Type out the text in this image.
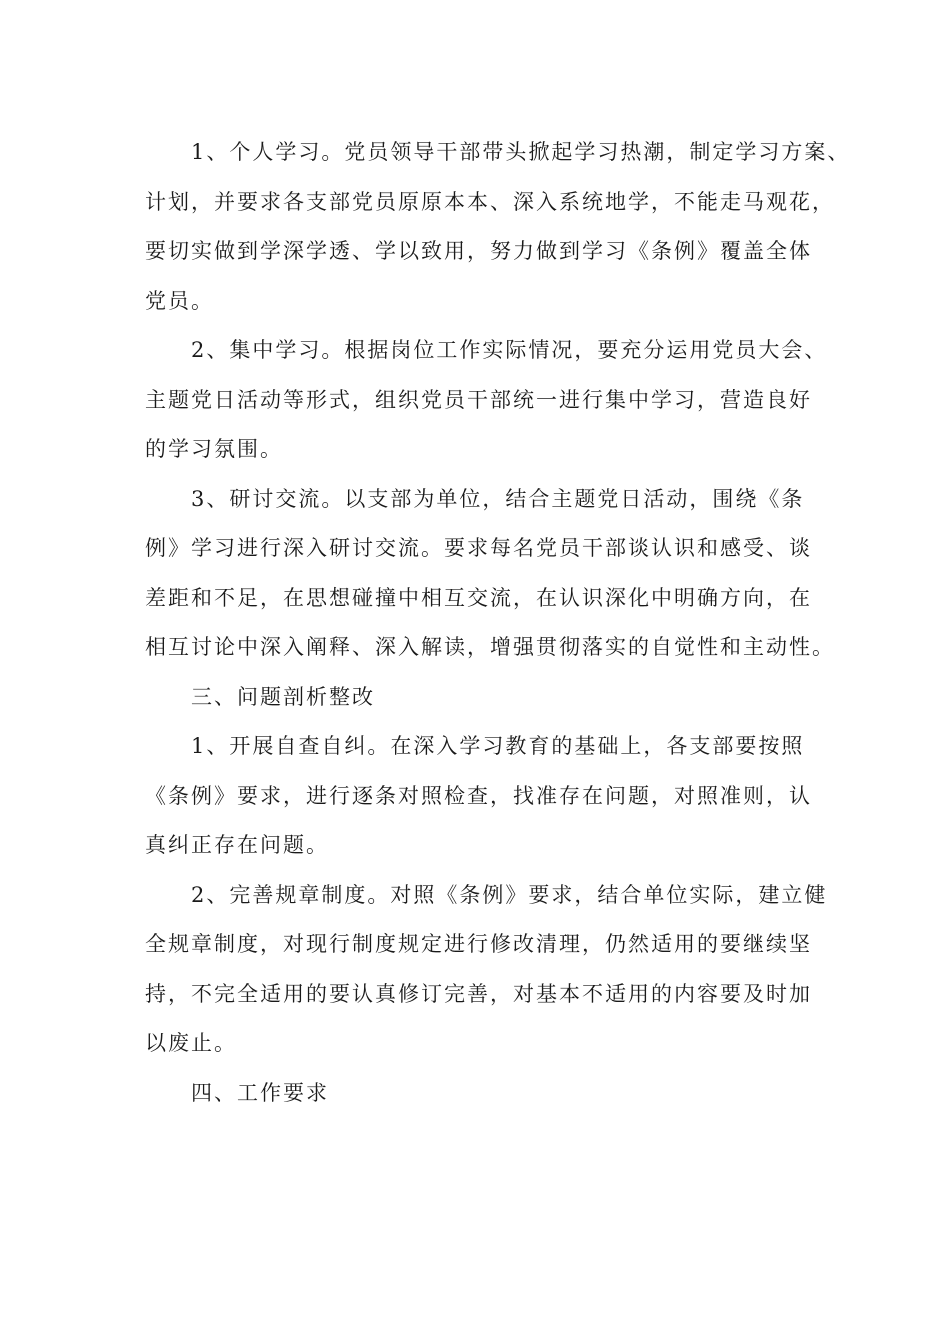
1、个人学习。党员领导干部带头掀起学习热潮，制定学习方案、
计划，并要求各支部党员原原本本、深入系统地学，不能走马观花，
要切实做到学深学透、学以致用，努力做到学习《条例》覆盖全体
党员。
2、集中学习。根据岗位工作实际情况，要充分运用党员大会、
主题党日活动等形式，组织党员干部统一进行集中学习，营造良好
的学习氛围。
3、研讨交流。以支部为单位，结合主题党日活动，围绕《条
例》学习进行深入研讨交流。要求每名党员干部谈认识和感受、谈
差距和不足，在思想碰撞中相互交流，在认识深化中明确方向，在
相互讨论中深入阐释、深入解读，增强贯彻落实的自觉性和主动性。
三、问题剖析整改
1、开展自查自纠。在深入学习教育的基础上，各支部要按照
《条例》要求，进行逐条对照检查，找准存在问题，对照准则，认
真纠正存在问题。
2、完善规章制度。对照《条例》要求，结合单位实际，建立健
全规章制度，对现行制度规定进行修改清理，仍然适用的要继续坚
持，不完全适用的要认真修订完善，对基本不适用的内容要及时加
以废止。
四、工作要求
